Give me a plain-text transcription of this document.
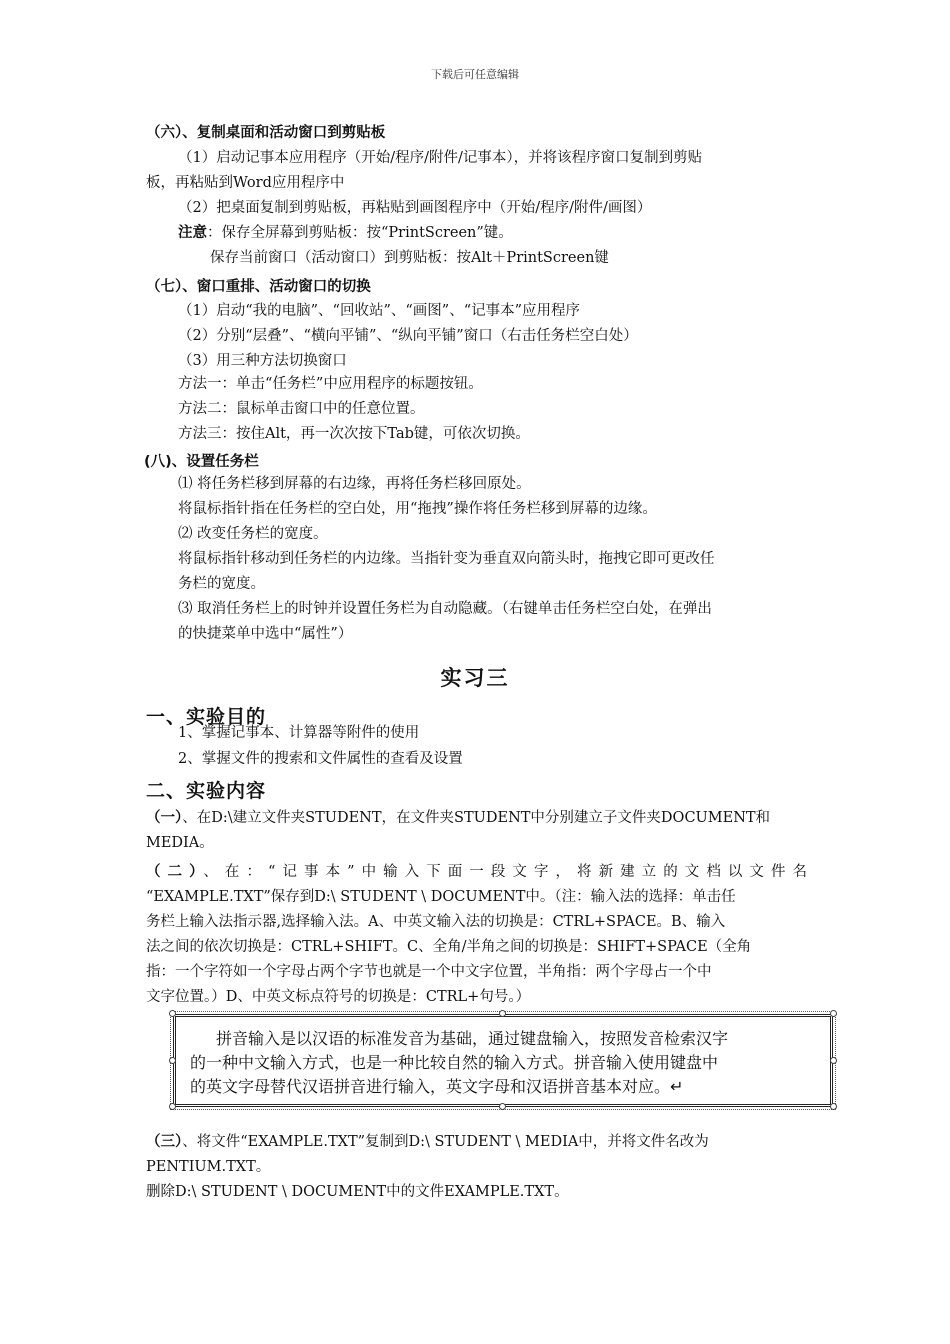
下载后可任意编辑
（六）、复制桌面和活动窗口到剪贴板
（1）启动记事本应用程序（开始/程序/附件/记事本），并将该程序窗口复制到剪贴
板，再粘贴到Word应用程序中
（2）把桌面复制到剪贴板，再粘贴到画图程序中（开始/程序/附件/画图）
注意：保存全屏幕到剪贴板：按“PrintScreen”键。
保存当前窗口（活动窗口）到剪贴板：按Alt＋PrintScreen键
（七）、窗口重排、活动窗口的切换
（1）启动“我的电脑”、“回收站”、“画图”、“记事本”应用程序
（2）分别“层叠”、“横向平铺”、“纵向平铺”窗口（右击任务栏空白处）
（3）用三种方法切换窗口
方法一：单击“任务栏”中应用程序的标题按钮。
方法二：鼠标单击窗口中的任意位置。
方法三：按住Alt，再一次次按下Tab键，可依次切换。
(八)、设置任务栏
⑴ 将任务栏移到屏幕的右边缘，再将任务栏移回原处。
将鼠标指针指在任务栏的空白处，用“拖拽”操作将任务栏移到屏幕的边缘。
⑵ 改变任务栏的宽度。
将鼠标指针移动到任务栏的内边缘。当指针变为垂直双向箭头时，拖拽它即可更改任
务栏的宽度。
⑶ 取消任务栏上的时钟并设置任务栏为自动隐藏。（右键单击任务栏空白处，在弹出
的快捷菜单中选中“属性”）
实习三
一、实验目的
1、掌握记事本、计算器等附件的使用
2、掌握文件的搜索和文件属性的查看及设置
二、实验内容
（一）、在D:\建立文件夹STUDENT，在文件夹STUDENT中分别建立子文件夹DOCUMENT和
MEDIA。
（二）、在：“记事本”中输入下面一段文字，将新建立的文档以文件名
“EXAMPLE.TXT”保存到D:\ STUDENT \ DOCUMENT中。（注：输入法的选择：单击任
务栏上输入法指示器,选择输入法。A、中英文输入法的切换是：CTRL+SPACE。B、输入
法之间的依次切换是：CTRL+SHIFT。C、全角/半角之间的切换是：SHIFT+SPACE（全角
指：一个字符如一个字母占两个字节也就是一个中文字位置，半角指：两个字母占一个中
文字位置。）D、中英文标点符号的切换是：CTRL+句号。）
拼音输入是以汉语的标准发音为基础，通过键盘输入，按照发音检索汉字
的一种中文输入方式，也是一种比较自然的输入方式。拼音输入使用键盘中
的英文字母替代汉语拼音进行输入，英文字母和汉语拼音基本对应。↵
（三）、将文件“EXAMPLE.TXT”复制到D:\ STUDENT \ MEDIA中，并将文件名改为
PENTIUM.TXT。
删除D:\ STUDENT \ DOCUMENT中的文件EXAMPLE.TXT。
